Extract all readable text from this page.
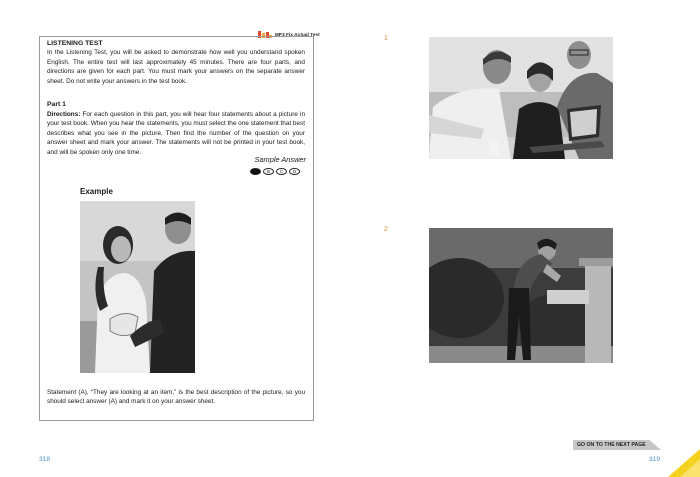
MP3 Fix Actual Test
LISTENING TEST
In the Listening Test, you will be asked to demonstrate how well you understand spoken English. The entire test will last approximately 45 minutes. There are four parts, and directions are given for each part. You must mark your answers on the separate answer sheet. Do not write your answers in the test book.
Part 1
Directions: For each question in this part, you will hear four statements about a picture in your test book. When you hear the statements, you must select the one statement that best describes what you see in the picture. Then find the number of the question on your answer sheet and mark your answer. The statements will not be printed in your test book, and will be spoken only one time.
Sample Answer
B	C	D
Example
Statement (A), “They are looking at an item,” is the best description of the picture, so you should select answer (A) and mark it on your answer sheet.
318
1
2
GO ON TO THE NEXT PAGE
319
